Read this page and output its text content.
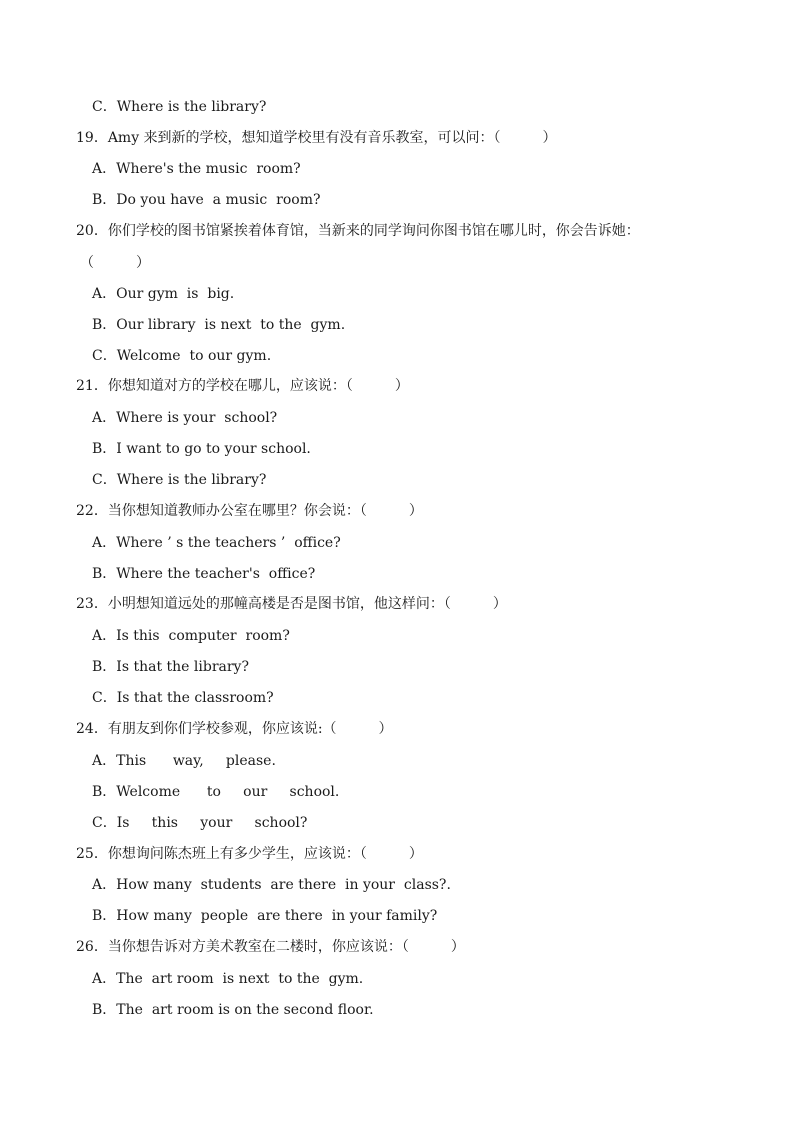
C．Where is the library?
19．Amy 来到新的学校，想知道学校里有没有音乐教室，可以问：（　　　）
A．Where's the music  room?
B．Do you have  a music  room?
20．你们学校的图书馆紧挨着体育馆，当新来的同学询问你图书馆在哪儿时，你会告诉她：
（　　　）
A．Our gym  is  big.
B．Our library  is next  to the  gym.
C．Welcome  to our gym.
21．你想知道对方的学校在哪儿，应该说：（　　　）
A．Where is your  school?
B．I want to go to your school.
C．Where is the library?
22．当你想知道教师办公室在哪里？你会说：（　　　）
A．Where ’ s the teachers ’  office?
B．Where the teacher's  office?
23．小明想知道远处的那幢高楼是否是图书馆，他这样问：（　　　）
A．Is this  computer  room?
B．Is that the library?
C．Is that the classroom?
24．有朋友到你们学校参观，你应该说:（　　　）
A．This      way,     please.
B．Welcome      to     our     school.
C．Is     this     your     school?
25．你想询问陈杰班上有多少学生，应该说：（　　　）
A．How many  students  are there  in your  class?.
B．How many  people  are there  in your family?
26．当你想告诉对方美术教室在二楼时，你应该说：（　　　）
A．The  art room  is next  to the  gym.
B．The  art room is on the second floor.
